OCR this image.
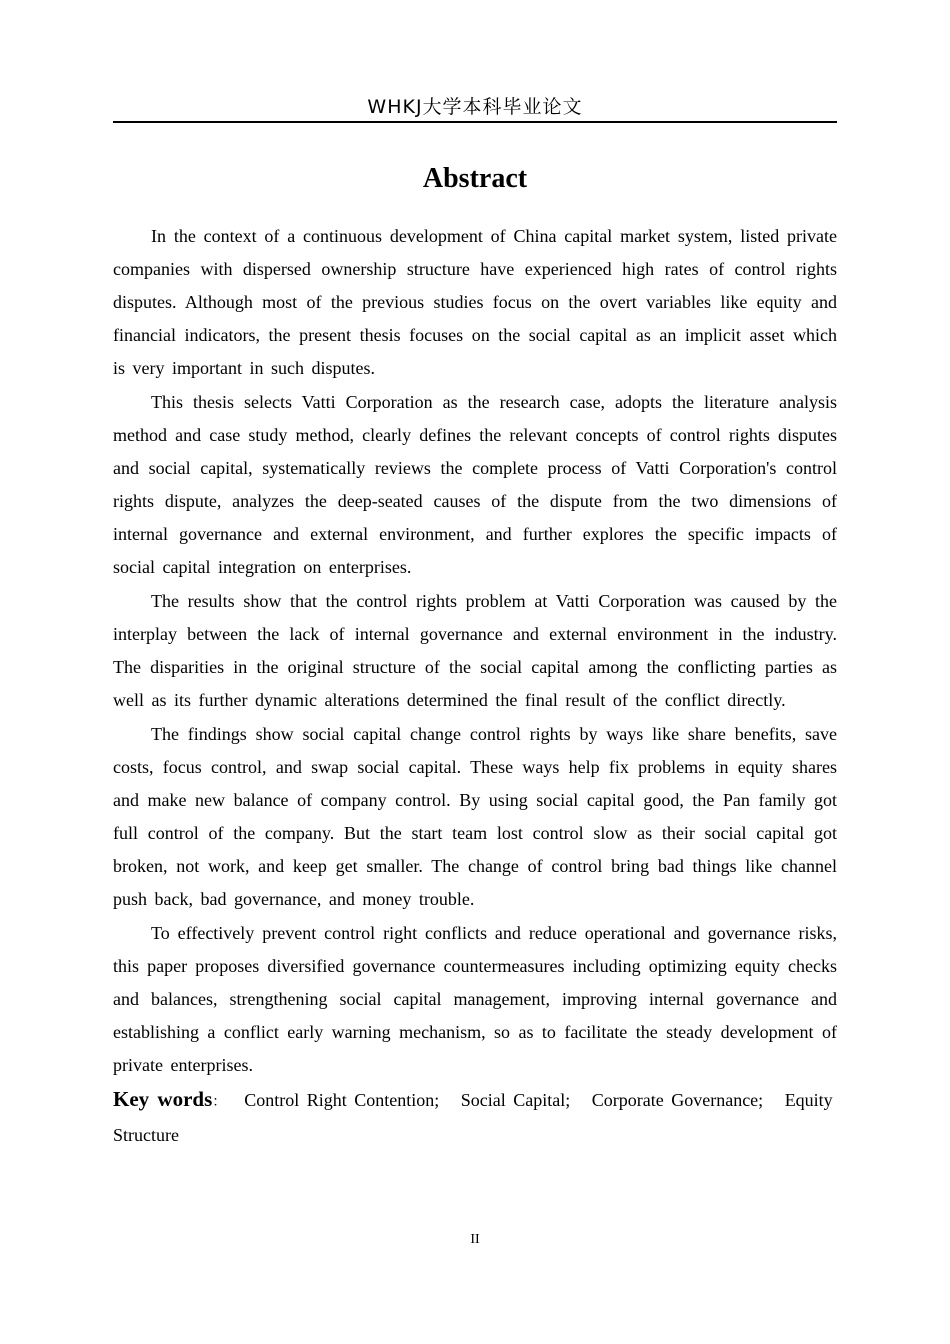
WHKJ大学本科毕业论文
Abstract

In the context of a continuous development of China capital market system, listed private companies with dispersed ownership structure have experienced high rates of control rights disputes. Although most of the previous studies focus on the overt variables like equity and financial indicators, the present thesis focuses on the social capital as an implicit asset which is very important in such disputes.

This thesis selects Vatti Corporation as the research case, adopts the literature analysis method and case study method, clearly defines the relevant concepts of control rights disputes and social capital, systematically reviews the complete process of Vatti Corporation's control rights dispute, analyzes the deep-seated causes of the dispute from the two dimensions of internal governance and external environment, and further explores the specific impacts of social capital integration on enterprises.

The results show that the control rights problem at Vatti Corporation was caused by the interplay between the lack of internal governance and external environment in the industry. The disparities in the original structure of the social capital among the conflicting parties as well as its further dynamic alterations determined the final result of the conflict directly.

The findings show social capital change control rights by ways like share benefits, save costs, focus control, and swap social capital. These ways help fix problems in equity shares and make new balance of company control. By using social capital good, the Pan family got full control of the company. But the start team lost control slow as their social capital got broken, not work, and keep get smaller. The change of control bring bad things like channel push back, bad governance, and money trouble.

To effectively prevent control right conflicts and reduce operational and governance risks, this paper proposes diversified governance countermeasures including optimizing equity checks and balances, strengthening social capital management, improving internal governance and establishing a conflict early warning mechanism, so as to facilitate the steady development of private enterprises.

Key words： Control Right Contention; Social Capital; Corporate Governance; Equity Structure
II
